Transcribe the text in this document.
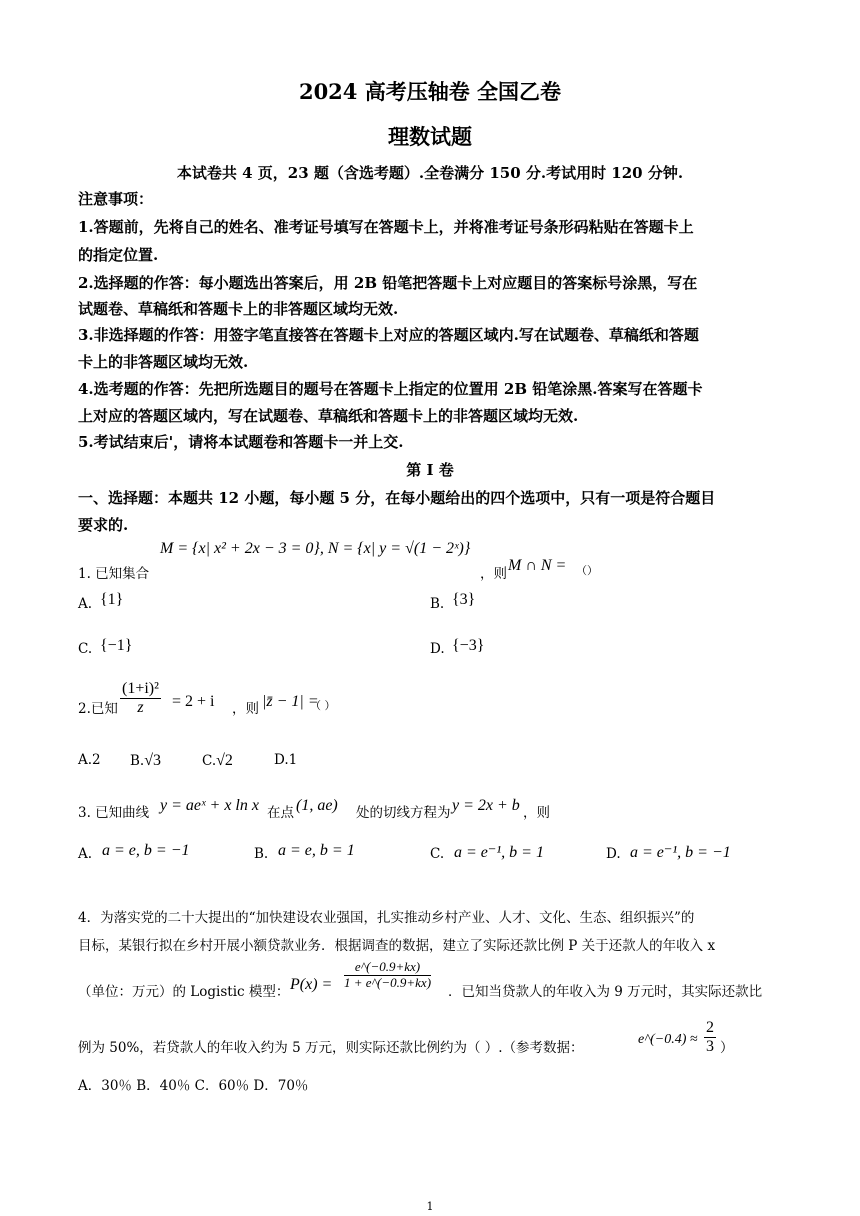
2024 高考压轴卷 全国乙卷
理数试题
本试卷共 4 页，23 题（含选考题）.全卷满分 150 分.考试用时 120 分钟.
注意事项：
1.答题前，先将自己的姓名、准考证号填写在答题卡上，并将准考证号条形码粘贴在答题卡上
的指定位置.
2.选择题的作答：每小题选出答案后，用 2B 铅笔把答题卡上对应题目的答案标号涂黑，写在
试题卷、草稿纸和答题卡上的非答题区域均无效.
3.非选择题的作答：用签字笔直接答在答题卡上对应的答题区域内.写在试题卷、草稿纸和答题
卡上的非答题区域均无效.
4.选考题的作答：先把所选题目的题号在答题卡上指定的位置用 2B 铅笔涂黑.答案写在答题卡
上对应的答题区域内，写在试题卷、草稿纸和答题卡上的非答题区域均无效.
5.考试结束后'，请将本试题卷和答题卡一并上交.
第 I 卷
一、选择题：本题共 12 小题，每小题 5 分，在每小题给出的四个选项中，只有一项是符合题目
要求的.
1. 已知集合
M = {x| x² + 2x − 3 = 0}, N = {x| y = √(1 − 2ˣ)}
，则 M ∩ N = （）
A. {1}	B. {3}
C. {−1}	D. {−3}
2.已知 $\frac{\text{(1+i)²}}{z} = 2 + i$ ，则 |z̄ − 1| =
（ ）
A.2 B.√3	C.√2	D.1
3. 已知曲线 y = aeˣ + x ln x 在点 (1, ae) 处的切线方程为 y = 2x + b ，则
A. a = e, b = −1	B. a = e, b = 1	C. a = e⁻¹, b = 1	D. a = e⁻¹, b = −1
4．为落实党的二十大提出的“加快建设农业强国，扎实推动乡村产业、人才、文化、生态、组织振兴”的
目标，某银行拟在乡村开展小额贷款业务．根据调查的数据，建立了实际还款比例 P 关于还款人的年收入 x
（单位：万元）的 Logistic 模型： $P(x) = \frac{e\^{}(-0.9+kx)}{1 + e\^{}(-0.9+kx)}$
．已知当贷款人的年收入为 9 万元时，其实际还款比
例为 50%，若贷款人的年收入约为 5 万元，则实际还款比例约为（ ）.（参考数据：
e^(−0.4) ≈ $\frac{2}{3}$ ）
A．30％ B．40％ C．60％ D．70％
1
